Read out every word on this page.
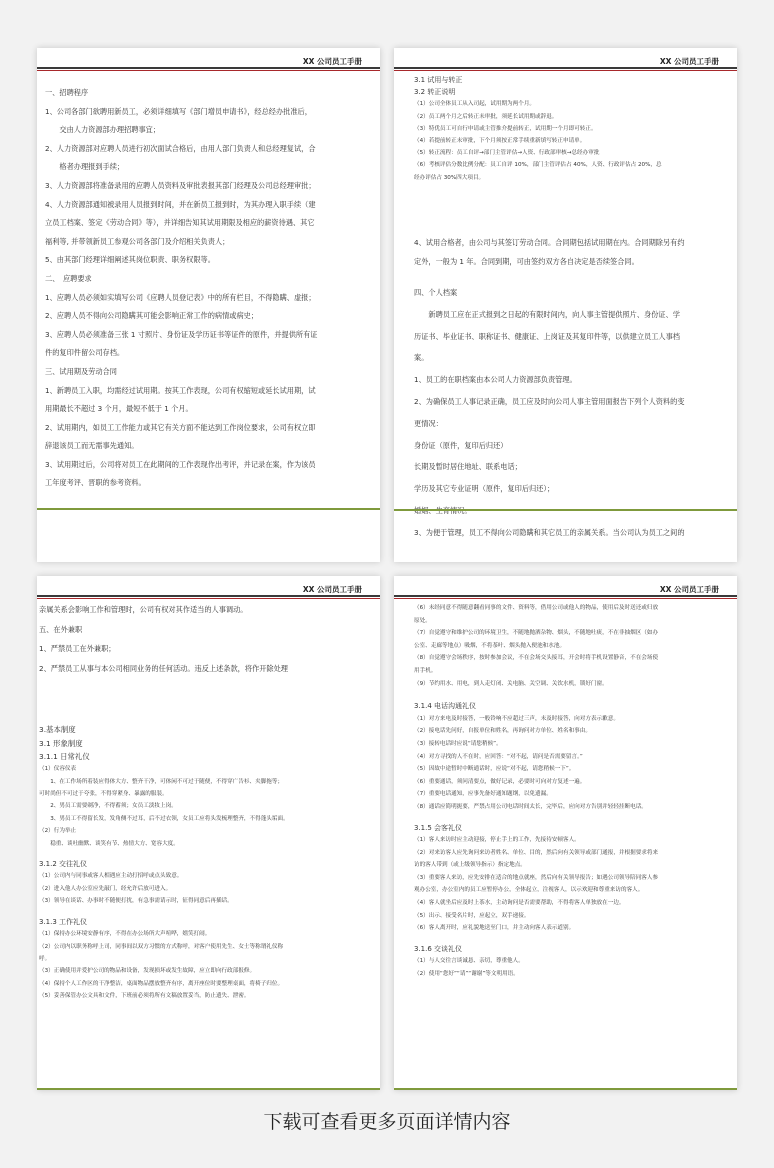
XX 公司员工手册
一、招聘程序
1、公司各部门欲聘用新员工，必须详细填写《部门增员申请书》，经总经办批准后，
　　交由人力资源部办理招聘事宜；
2、人力资源部对应聘人员进行初次面试合格后，由用人部门负责人和总经理复试，合
　　格者办理报到手续；
3、人力资源部将准备录用的应聘人员资料及审批表报其部门经理及公司总经理审批；
4、人力资源部通知被录用人员报到时间，并在新员工报到时，为其办理入职手续（建
立员工档案、签定《劳动合同》等），并详细告知其试用期限及相应的薪资待遇、其它
福利等, 并带领新员工参观公司各部门及介绍相关负责人；
5、由其部门经理详细阐述其岗位职责、职务权限等。
二、　应聘要求
1、应聘人员必须如实填写公司《应聘人员登记表》中的所有栏目，不得隐瞒、虚报；
2、应聘人员不得向公司隐瞒其可能会影响正常工作的病情或病史；
3、应聘人员必须准备三张 1 寸照片、身份证及学历证书等证件的原件，并提供所有证
件的复印件留公司存档。
三、试用期及劳动合同
1、新聘员工入职，均需经过试用期。按其工作表现，公司有权缩短或延长试用期，试
用期最长不超过 3 个月，最短不低于 1 个月。
2、试用期内，如员工工作能力或其它有关方面不能达到工作岗位要求，公司有权立即
辞退该员工而无需事先通知。
3、试用期过后，公司将对员工在此期间的工作表现作出考评，并记录在案，作为该员
工年度考评、晋职的参考资料。
XX 公司员工手册
3.1 试用与转正
3.2 转正说明
（1）公司全体员工从入司起，试用期为两个月。
（2）员工两个月之后转正未审批，须延长试用期或辞退。
（3）特优员工可自行申请或主管推介提前转正，试用期一个月即可转正。
（4）若提前转正未审批，下个月须按正常手续重新填写转正申请单。
（5）转正流程：员工自评→部门主管评估→人资、行政部审核→总经办审批
（6）考核评估分数比例分配：员工自评 10%，部门主管评估占 40%，人资、行政评估占 20%，总
经办评估占 30%四大项目。
4、试用合格者，由公司与其签订劳动合同。合同期包括试用期在内。合同期除另有约
定外，一般为 1 年。合同到期，可由签约双方各自决定是否续签合同。
四、个人档案
　　新聘员工应在正式报到之日起的有限时间内，向人事主管提供照片、身份证、学
历证书、毕业证书、职称证书、健康证、上岗证及其复印件等，以供建立员工人事档
案。
1、员工的在职档案由本公司人力资源部负责管理。
2、为确保员工人事记录正确，员工应及时向公司人事主管用面报告下列个人资料的变
更情况：
身份证（原件，复印后归还）
长期及暂时居住地址、联系电话；
学历及其它专业证明（原件，复印后归还）；
3、为便于管理，员工不得向公司隐瞒和其它员工的亲属关系。当公司认为员工之间的
XX 公司员工手册
亲属关系会影响工作和管理时，公司有权对其作适当的人事调动。
五、在外兼职
1、严禁员工在外兼职；
2、严禁员工从事与本公司相同业务的任何活动。违反上述条款，将作开除处理
3.基本制度
3.1 形象制度
3.1.1 日常礼仪
（1）仪容仪表
　　1、在工作场所着装应得体大方、整齐干净，可体闲不可过于随便，不得穿广告衫、夹脚拖等；
可时尚但不可过于夸张，不得穿紧身、暴露的服装。
　　2、男员工需要剃净，不得蓄须；女员工淡妆上岗。
　　3、男员工不得留长发，发角侧不过耳，后不过衣领，女员工应将头发梳理整齐，不得蓬头垢面。
（2）行为举止
　　稳重、谈吐幽默、谈笑有节、热情大方、宽容大度。
3.1.2 交往礼仪
（1）公司内与同事或客人相遇应主动打招呼或点头致意。
（2）进入他人办公室应先敲门，经允许后放可进入。
（3）领导在谈话、办事时不随便打扰，有急事需请示时，征得同意后再插话。
3.1.3 工作礼仪
（1）保持办公环境安静有序，不得在办公场所大声喧哗，嬉笑打闹。
（2）公司内以职务称呼上司，同事间以双方习惯的方式称呼，对客户使用先生、女士等称谓礼仪称
呼。
（3）正确使用并爱护公司的物品和设备，发现损坏或发生故障，应立即向行政部报修。
（4）保持个人工作区的干净整洁，桌面物品摆放整齐有序，离开座位时要整理桌面，将椅子归位。
（5）妥善保管办公文具和文件，下班前必须将所有文稿放置妥当，防止遗失、泄密。
XX 公司员工手册
（6）未经同意不得随意翻看同事的文件、资料等，借用公司或他人的物品，使用后及时送还或归放
原处。
（7）自觉遵守和维护公司的环境卫生，不随地抛洒杂物、烟头，不随地吐痰，不在非抽烟区（如办
公室、走廊等地点）吸烟，不将茶叶、烟头抛入便池和水池。
（8）自觉遵守会场秩序，按时参加会议，不在会场交头接耳，开会时将手机设置静音，不在会场使
用手机。
（9）节约用水、用电，到人走灯闭、关电脑、关空调、关饮水机，锁好门窗。
3.1.4 电话沟通礼仪
（1）对方来电及时接答，一般铃响不应超过三声，未及时接答，向对方表示歉意。
（2）接电话先问好，自报单位和姓名，再询问对方单位、姓名和事由。
（3）接转电话时应说“请您稍候”。
（4）对方寻找的人不在时，应回答：“对不起，请问是否需要留言。”
（5）因故中途暂时中断通话时，应说“对不起，请您稍候一下”。
（6）重要通话，须问清要点，做好记录，必要时可向对方复述一遍。
（7）重要电话通知，应事先备好通知题纲，以免遗漏。
（8）通话应简明扼要，严禁占用公司电话时间太长，完毕后，应向对方告别并轻轻挂断电话。
3.1.5 会客礼仪
（1）客人来访时应主动迎接，停止手上的工作，先接待安顿客人。
（2）对来访客人应先询问来访者姓名、单位、目的，然后向有关领导或部门通报，并根据要求将来
访的客人带到（或上级领导指示）指定地点。
（3）重要客人来访，应先安排在适合的地点就座，然后向有关领导报告；如遇公司领导陪同客人参
观办公室，办公室内的员工应暂停办公，全体起立，注视客人，以示欢迎和尊重来访的客人。
（4）客人就坐后应及时上茶水，主动询问是否需要帮助，不得将客人单独放在一边。
（5）出示、接受名片时，应起立，双手递接。
（6）客人离开时，应礼貌地送至门口，并主动向客人表示道别。
3.1.6 交谈礼仪
（1）与人交往言谈诚恳、亲切，尊重他人。
（2）使用“您好”“请”“谢谢”等文明用语。
下载可查看更多页面详情内容
